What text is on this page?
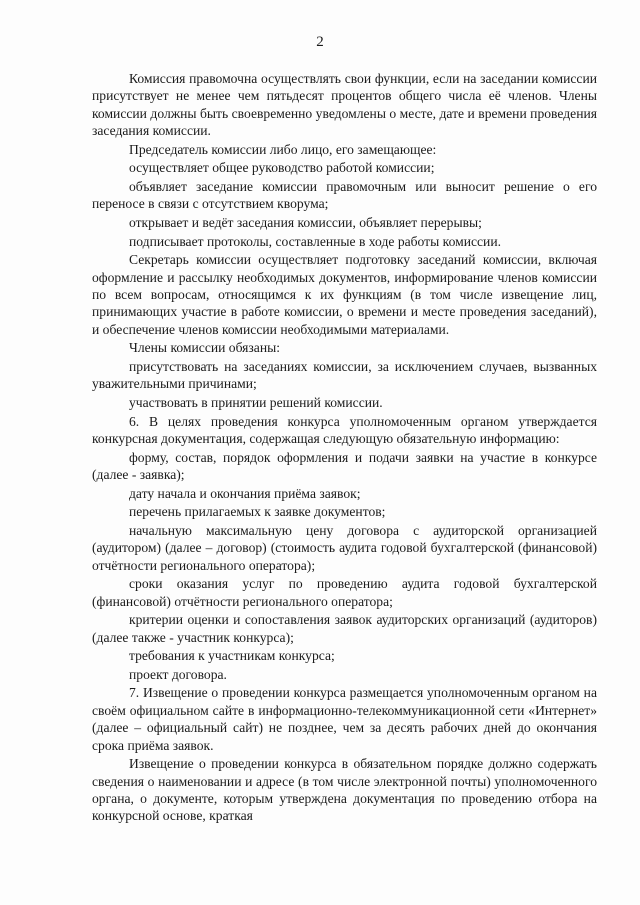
2

Комиссия правомочна осуществлять свои функции, если на заседании комиссии присутствует не менее чем пятьдесят процентов общего числа её членов. Члены комиссии должны быть своевременно уведомлены о месте, дате и времени проведения заседания комиссии.

Председатель комиссии либо лицо, его замещающее:

осуществляет общее руководство работой комиссии;

объявляет заседание комиссии правомочным или выносит решение о его переносе в связи с отсутствием кворума;

открывает и ведёт заседания комиссии, объявляет перерывы;

подписывает протоколы, составленные в ходе работы комиссии.

Секретарь комиссии осуществляет подготовку заседаний комиссии, включая оформление и рассылку необходимых документов, информирование членов комиссии по всем вопросам, относящимся к их функциям (в том числе извещение лиц, принимающих участие в работе комиссии, о времени и месте проведения заседаний), и обеспечение членов комиссии необходимыми материалами.

Члены комиссии обязаны:

присутствовать на заседаниях комиссии, за исключением случаев, вызванных уважительными причинами;

участвовать в принятии решений комиссии.

6. В целях проведения конкурса уполномоченным органом утверждается конкурсная документация, содержащая следующую обязательную информацию:

форму, состав, порядок оформления и подачи заявки на участие в конкурсе (далее - заявка);

дату начала и окончания приёма заявок;

перечень прилагаемых к заявке документов;

начальную максимальную цену договора с аудиторской организацией (аудитором) (далее – договор) (стоимость аудита годовой бухгалтерской (финансовой) отчётности регионального оператора);

сроки оказания услуг по проведению аудита годовой бухгалтерской (финансовой) отчётности регионального оператора;

критерии оценки и сопоставления заявок аудиторских организаций (аудиторов) (далее также - участник конкурса);

требования к участникам конкурса;

проект договора.

7. Извещение о проведении конкурса размещается уполномоченным органом на своём официальном сайте в информационно-телекоммуникационной сети «Интернет» (далее – официальный сайт) не позднее, чем за десять рабочих дней до окончания срока приёма заявок.

Извещение о проведении конкурса в обязательном порядке должно содержать сведения о наименовании и адресе (в том числе электронной почты) уполномоченного органа, о документе, которым утверждена документация по проведению отбора на конкурсной основе, краткая
